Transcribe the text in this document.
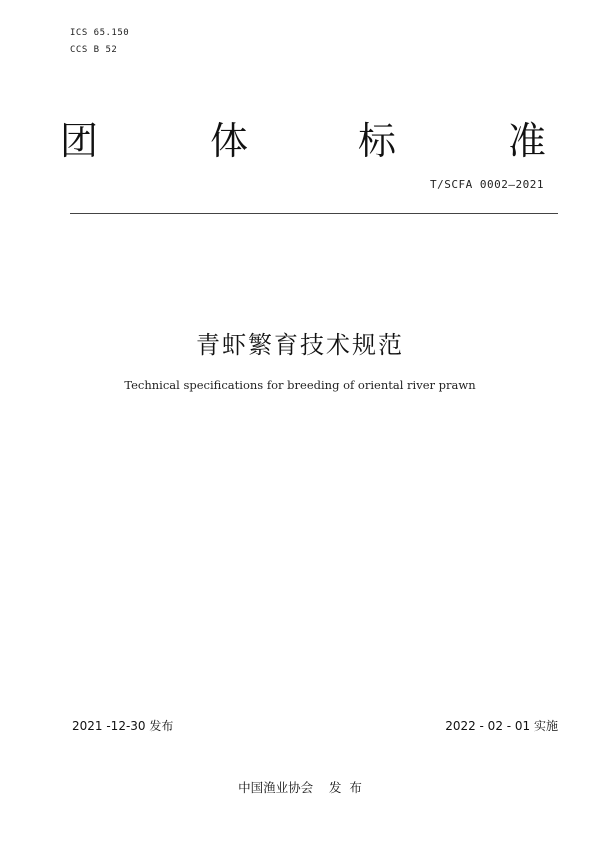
ICS 65.150
CCS B 52
团	体	标	准
T/SCFA 0002—2021
青虾繁育技术规范
Technical specifications for breeding of oriental river prawn
2021 -12-30 发布	2022 - 02 - 01 实施
中国渔业协会    发  布
